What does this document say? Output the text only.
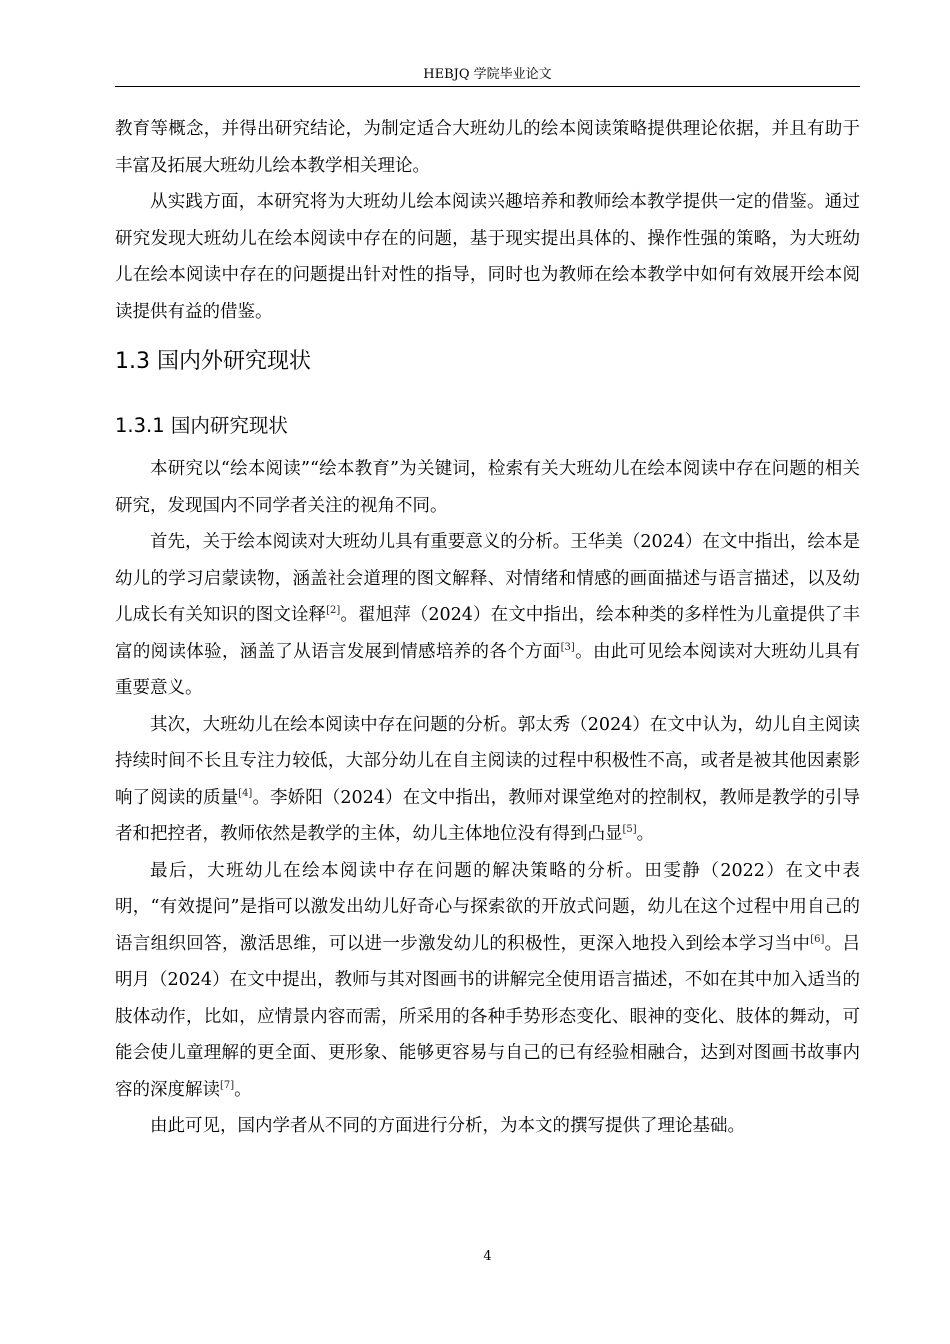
HEBJQ 学院毕业论文

教育等概念，并得出研究结论，为制定适合大班幼儿的绘本阅读策略提供理论依据，并且有助于丰富及拓展大班幼儿绘本教学相关理论。

从实践方面，本研究将为大班幼儿绘本阅读兴趣培养和教师绘本教学提供一定的借鉴。通过研究发现大班幼儿在绘本阅读中存在的问题，基于现实提出具体的、操作性强的策略，为大班幼儿在绘本阅读中存在的问题提出针对性的指导，同时也为教师在绘本教学中如何有效展开绘本阅读提供有益的借鉴。

1.3 国内外研究现状
1.3.1 国内研究现状

本研究以“绘本阅读”“绘本教育”为关键词，检索有关大班幼儿在绘本阅读中存在问题的相关研究，发现国内不同学者关注的视角不同。

首先，关于绘本阅读对大班幼儿具有重要意义的分析。王华美（2024）在文中指出，绘本是幼儿的学习启蒙读物，涵盖社会道理的图文解释、对情绪和情感的画面描述与语言描述，以及幼儿成长有关知识的图文诠释[2]。翟旭萍（2024）在文中指出，绘本种类的多样性为儿童提供了丰富的阅读体验，涵盖了从语言发展到情感培养的各个方面[3]。由此可见绘本阅读对大班幼儿具有重要意义。

其次，大班幼儿在绘本阅读中存在问题的分析。郭太秀（2024）在文中认为，幼儿自主阅读持续时间不长且专注力较低，大部分幼儿在自主阅读的过程中积极性不高，或者是被其他因素影响了阅读的质量[4]。李娇阳（2024）在文中指出，教师对课堂绝对的控制权，教师是教学的引导者和把控者，教师依然是教学的主体，幼儿主体地位没有得到凸显[5]。

最后，大班幼儿在绘本阅读中存在问题的解决策略的分析。田雯静（2022）在文中表明，“有效提问”是指可以激发出幼儿好奇心与探索欲的开放式问题，幼儿在这个过程中用自己的语言组织回答，激活思维，可以进一步激发幼儿的积极性，更深入地投入到绘本学习当中[6]。吕明月（2024）在文中提出，教师与其对图画书的讲解完全使用语言描述，不如在其中加入适当的肢体动作，比如，应情景内容而需，所采用的各种手势形态变化、眼神的变化、肢体的舞动，可能会使儿童理解的更全面、更形象、能够更容易与自己的已有经验相融合，达到对图画书故事内容的深度解读[7]。

由此可见，国内学者从不同的方面进行分析，为本文的撰写提供了理论基础。

4
